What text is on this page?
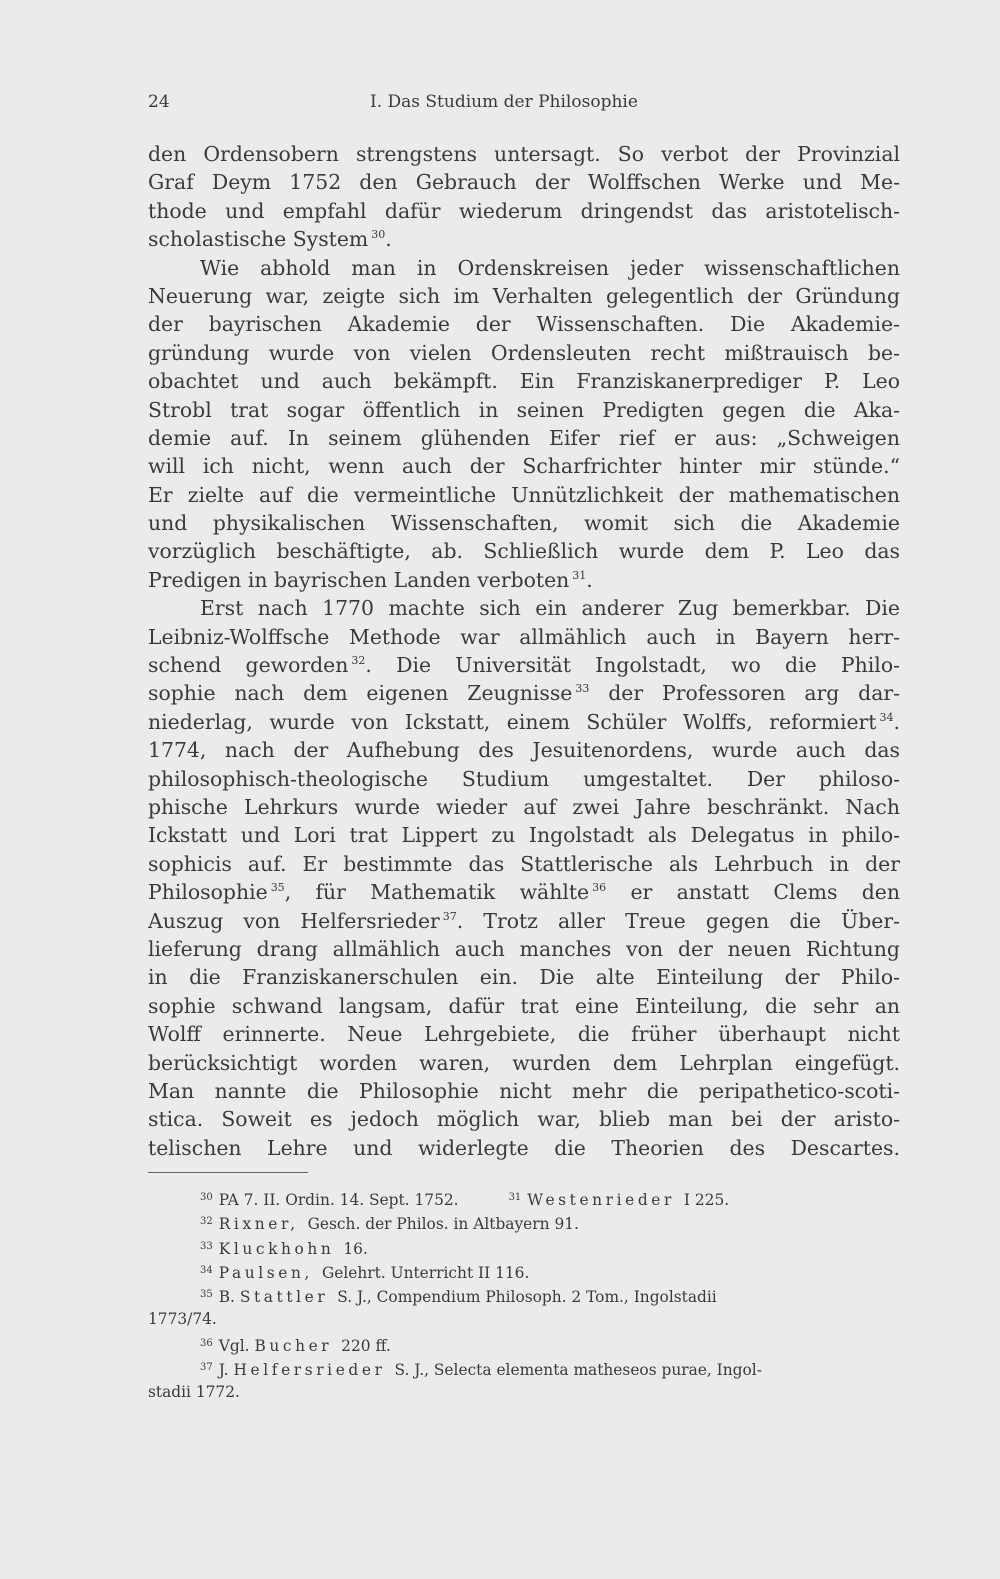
24	I. Das Studium der Philosophie
den Ordensobern strengstens untersagt. So verbot der Provinzial
Graf Deym 1752 den Gebrauch der Wolffschen Werke und Me-
thode und empfahl dafür wiederum dringendst das aristotelisch-
scholastische System $^{30}$.
Wie abhold man in Ordenskreisen jeder wissenschaftlichen
Neuerung war, zeigte sich im Verhalten gelegentlich der Gründung
der bayrischen Akademie der Wissenschaften. Die Akademie-
gründung wurde von vielen Ordensleuten recht mißtrauisch be-
obachtet und auch bekämpft. Ein Franziskanerprediger P. Leo
Strobl trat sogar öffentlich in seinen Predigten gegen die Aka-
demie auf. In seinem glühenden Eifer rief er aus: „Schweigen
will ich nicht, wenn auch der Scharfrichter hinter mir stünde.“
Er zielte auf die vermeintliche Unnützlichkeit der mathematischen
und physikalischen Wissenschaften, womit sich die Akademie
vorzüglich beschäftigte, ab. Schließlich wurde dem P. Leo das
Predigen in bayrischen Landen verboten $^{31}$.
Erst nach 1770 machte sich ein anderer Zug bemerkbar. Die
Leibniz-Wolffsche Methode war allmählich auch in Bayern herr-
schend geworden $^{32}$. Die Universität Ingolstadt, wo die Philo-
sophie nach dem eigenen Zeugnisse $^{33}$ der Professoren arg dar-
niederlag, wurde von Ickstatt, einem Schüler Wolffs, reformiert $^{34}$.
1774, nach der Aufhebung des Jesuitenordens, wurde auch das
philosophisch-theologische Studium umgestaltet. Der philoso-
phische Lehrkurs wurde wieder auf zwei Jahre beschränkt. Nach
Ickstatt und Lori trat Lippert zu Ingolstadt als Delegatus in philo-
sophicis auf. Er bestimmte das Stattlerische als Lehrbuch in der
Philosophie $^{35}$, für Mathematik wählte $^{36}$ er anstatt Clems den
Auszug von Helfersrieder $^{37}$. Trotz aller Treue gegen die Über-
lieferung drang allmählich auch manches von der neuen Richtung
in die Franziskanerschulen ein. Die alte Einteilung der Philo-
sophie schwand langsam, dafür trat eine Einteilung, die sehr an
Wolff erinnerte. Neue Lehrgebiete, die früher überhaupt nicht
berücksichtigt worden waren, wurden dem Lehrplan eingefügt.
Man nannte die Philosophie nicht mehr die peripathetico-scoti-
stica. Soweit es jedoch möglich war, blieb man bei der aristo-
telischen Lehre und widerlegte die Theorien des Descartes.
$^{30}$ PA 7. II. Ordin. 14. Sept. 1752.	$^{31}$ Westenrieder I 225.
$^{32}$ Rixner, Gesch. der Philos. in Altbayern 91.
$^{33}$ Kluckhohn 16.
$^{34}$ Paulsen, Gelehrt. Unterricht II 116.
$^{35}$ B. Stattler S. J., Compendium Philosoph. 2 Tom., Ingolstadii
1773/74.
$^{36}$ Vgl. Bucher 220 ff.
$^{37}$ J. Helfersrieder S. J., Selecta elementa matheseos purae, Ingol-
stadii 1772.
